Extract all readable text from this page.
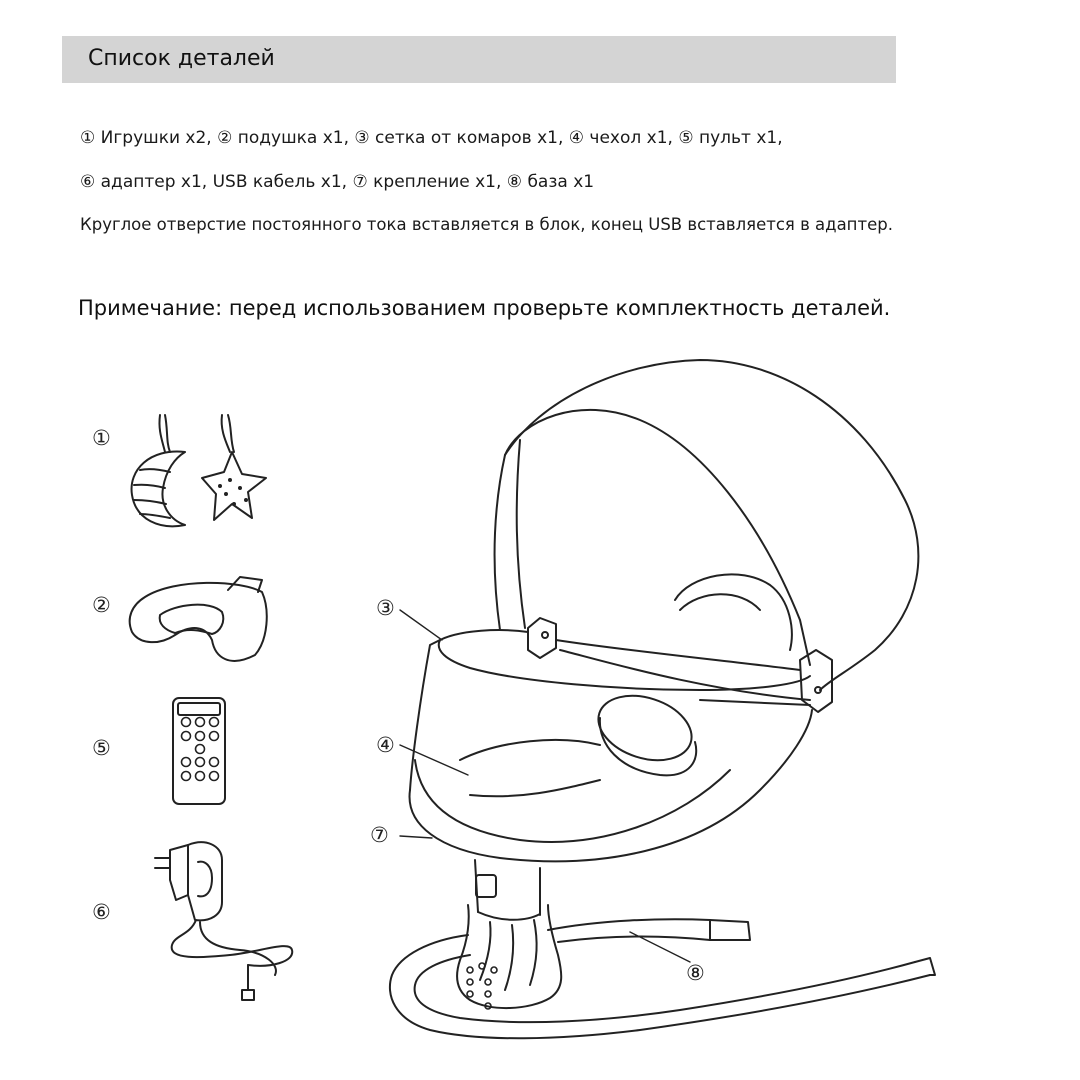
Список деталей
① Игрушки x2, ② подушка x1, ③ сетка от комаров x1, ④ чехол x1, ⑤ пульт x1,
⑥ адаптер x1, USB кабель x1, ⑦ крепление x1, ⑧ база x1
Круглое отверстие постоянного тока вставляется в блок, конец USB вставляется в адаптер.
Примечание: перед использованием проверьте комплектность деталей.
①
②
⑤
⑥
③
④
⑦
⑧
